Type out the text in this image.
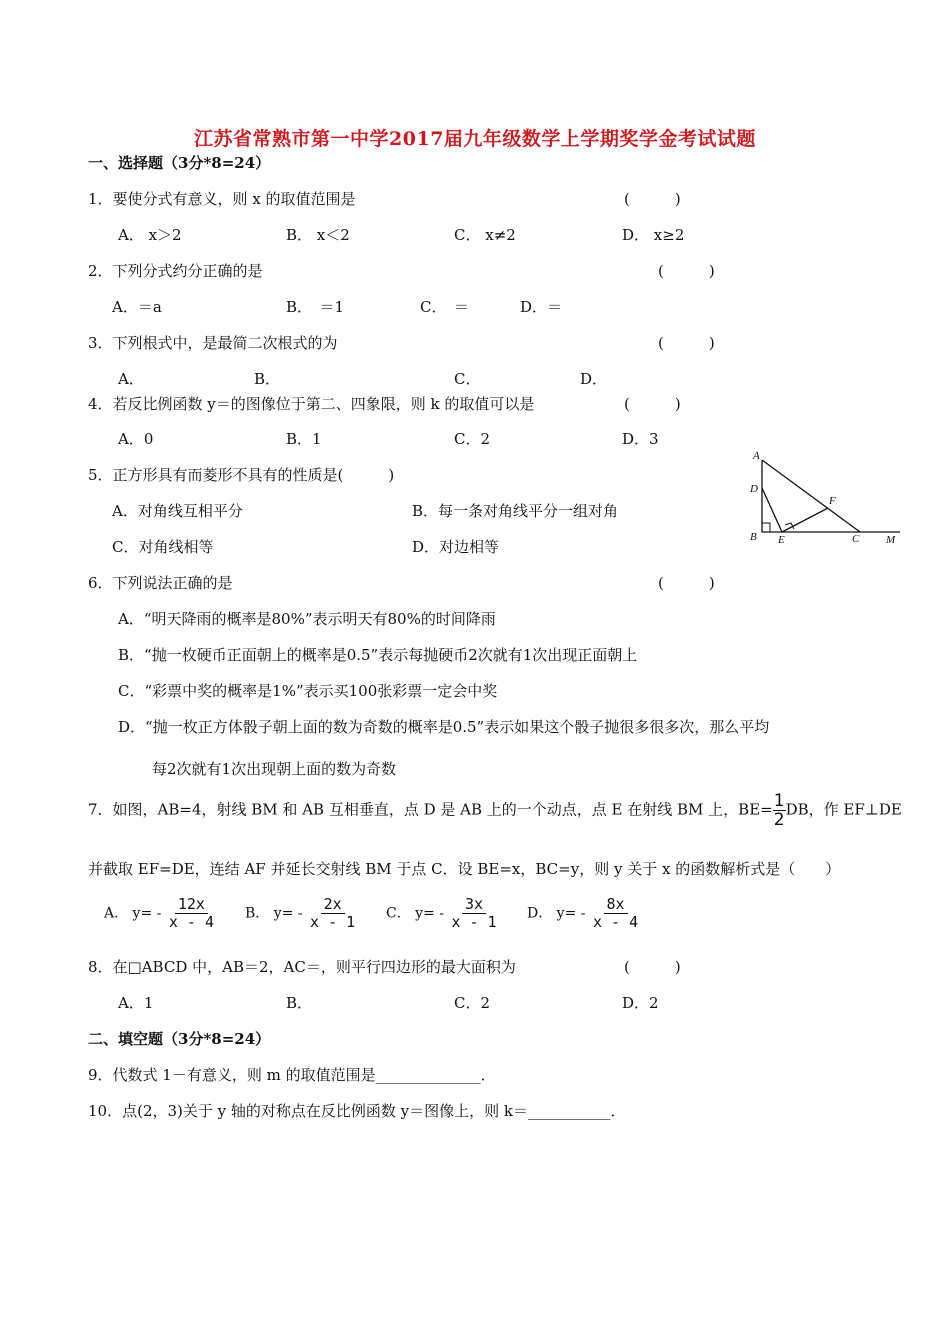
江苏省常熟市第一中学2017届九年级数学上学期奖学金考试试题
一、选择题（3分*8=24）
1．要使分式有意义，则 x 的取值范围是	(　　　)
A． x＞2	B． x＜2	C． x≠2	D． x≥2
2．下列分式约分正确的是	(　　　)
A．＝a	B．　＝1	C．　＝	D．＝
3．下列根式中，是最简二次根式的为	(　　　)
A．	B．	C．	D．
4．若反比例函数 y＝的图像位于第二、四象限，则 k 的取值可以是	(　　　)
A．0	B．1	C．2	D．3
5．正方形具有而菱形不具有的性质是(　　　)
A．对角线互相平分	B．每一条对角线平分一组对角
C．对角线相等	D．对边相等
A
D
F
B E	C M
6．下列说法正确的是	(　　　)
A．“明天降雨的概率是80%”表示明天有80%的时间降雨
B．“抛一枚硬币正面朝上的概率是0.5”表示每抛硬币2次就有1次出现正面朝上
C．“彩票中奖的概率是1%”表示买100张彩票一定会中奖
D．“抛一枚正方体骰子朝上面的数为奇数的概率是0.5”表示如果这个骰子抛很多很多次，那么平均
每2次就有1次出现朝上面的数为奇数
7．如图，AB=4，射线 BM 和 AB 互相垂直，点 D 是 AB 上的一个动点，点 E 在射线 BM 上，$BE= \frac{1}{2}$ DB，作 EF⊥DE
并截取 EF=DE，连结 AF 并延长交射线 BM 于点 C．设 BE=x，BC=y，则 y 关于 x 的函数解析式是（　　）
A． $y= - \frac{12x}{x - 4}$ B． $y= - \frac{2x}{x - 1}$ C． $y= - \frac{3x}{x - 1}$ D． $y= - \frac{8x}{x - 4}$
8．在□ABCD 中，AB＝2，AC＝，则平行四边形的最大面积为	(　　　)
A．1	B．	C．2	D．2
二、填空题（3分*8=24）
9．代数式 1－有意义，则 m 的取值范围是______________．
10．点(2，3)关于 y 轴的对称点在反比例函数 y＝图像上，则 k＝___________．
